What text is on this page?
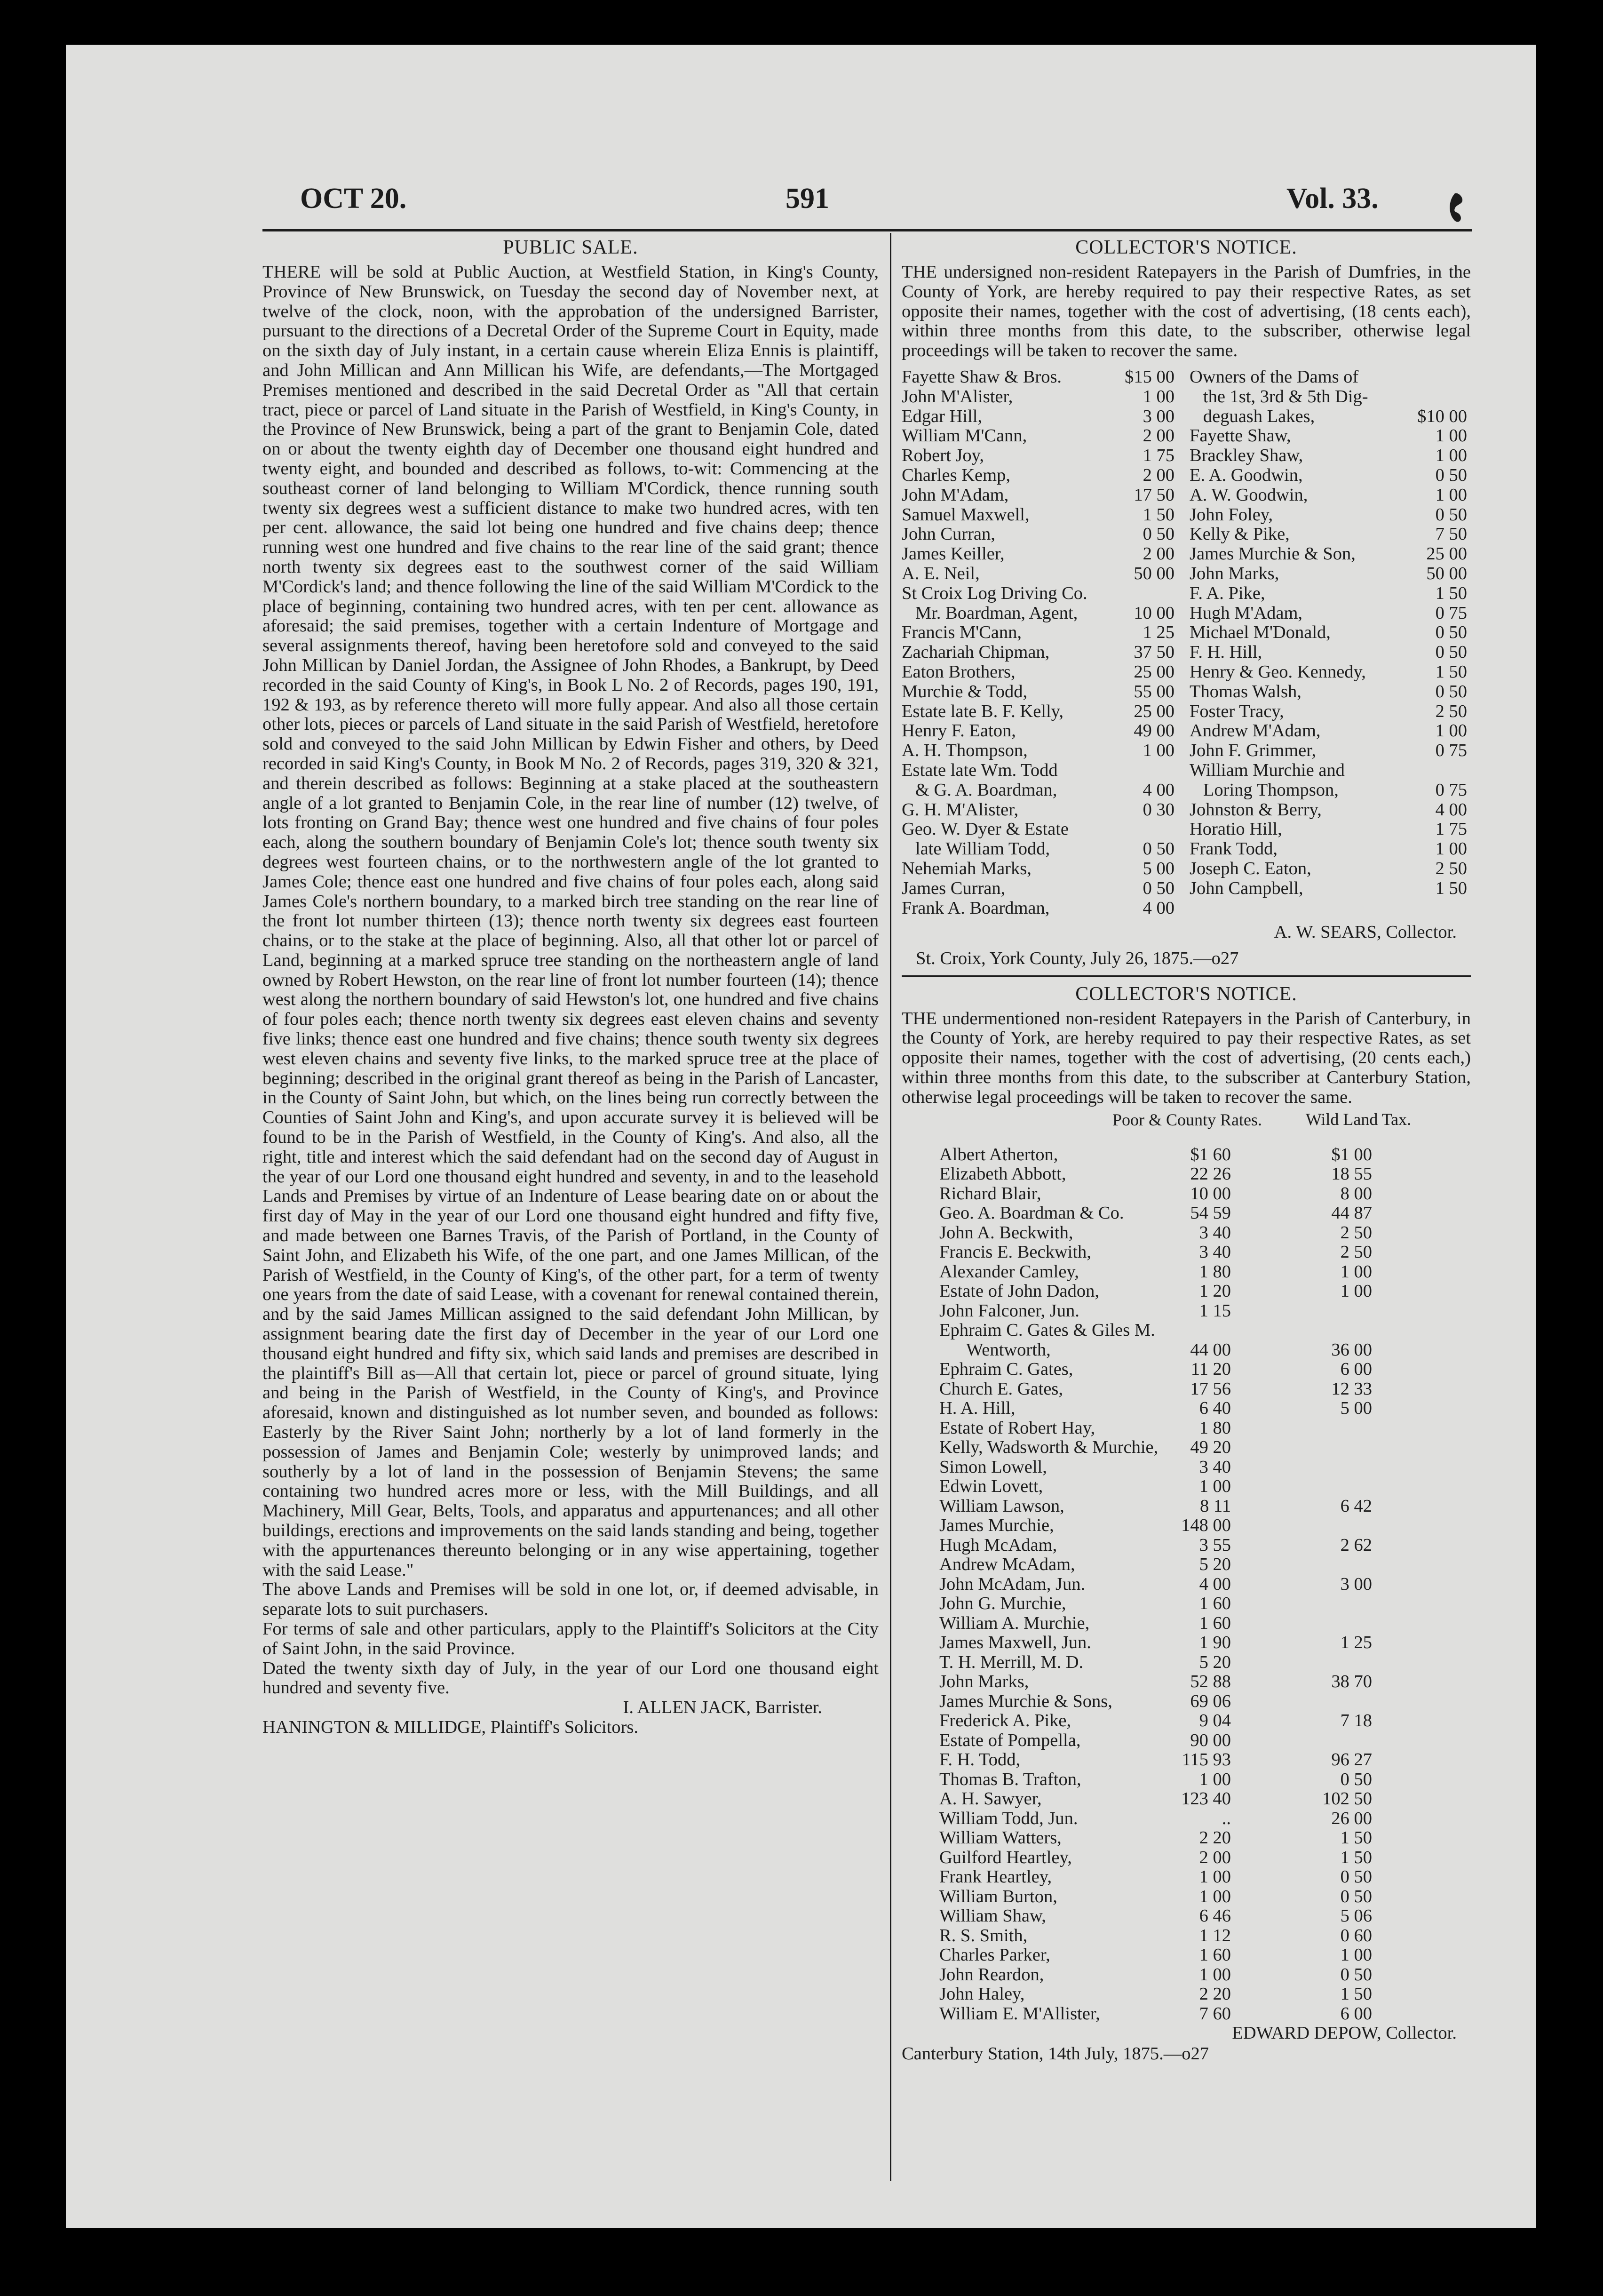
OCT 20.	591	Vol. 33.
PUBLIC SALE.

THERE will be sold at Public Auction, at Westfield Station, in King's County, Province of New Brunswick, on Tuesday the second day of November next, at twelve of the clock, noon, with the approbation of the undersigned Barrister, pursuant to the directions of a Decretal Order of the Supreme Court in Equity, made on the sixth day of July instant, in a certain cause wherein Eliza Ennis is plaintiff, and John Millican and Ann Millican his Wife, are defendants,—The Mortgaged Premises mentioned and described in the said Decretal Order as "All that certain tract, piece or parcel of Land situate in the Parish of Westfield, in King's County, in the Province of New Brunswick, being a part of the grant to Benjamin Cole, dated on or about the twenty eighth day of December one thousand eight hundred and twenty eight, and bounded and described as follows, to-wit: Commencing at the southeast corner of land belonging to William M'Cordick, thence running south twenty six degrees west a sufficient distance to make two hundred acres, with ten per cent. allowance, the said lot being one hundred and five chains deep; thence running west one hundred and five chains to the rear line of the said grant; thence north twenty six degrees east to the southwest corner of the said William M'Cordick's land; and thence following the line of the said William M'Cordick to the place of beginning, containing two hundred acres, with ten per cent. allowance as aforesaid; the said premises, together with a certain Indenture of Mortgage and several assignments thereof, having been heretofore sold and conveyed to the said John Millican by Daniel Jordan, the Assignee of John Rhodes, a Bankrupt, by Deed recorded in the said County of King's, in Book L No. 2 of Records, pages 190, 191, 192 & 193, as by reference thereto will more fully appear. And also all those certain other lots, pieces or parcels of Land situate in the said Parish of Westfield, heretofore sold and conveyed to the said John Millican by Edwin Fisher and others, by Deed recorded in said King's County, in Book M No. 2 of Records, pages 319, 320 & 321, and therein described as follows: Beginning at a stake placed at the southeastern angle of a lot granted to Benjamin Cole, in the rear line of number (12) twelve, of lots fronting on Grand Bay; thence west one hundred and five chains of four poles each, along the southern boundary of Benjamin Cole's lot; thence south twenty six degrees west fourteen chains, or to the northwestern angle of the lot granted to James Cole; thence east one hundred and five chains of four poles each, along said James Cole's northern boundary, to a marked birch tree standing on the rear line of the front lot number thirteen (13); thence north twenty six degrees east fourteen chains, or to the stake at the place of beginning. Also, all that other lot or parcel of Land, beginning at a marked spruce tree standing on the northeastern angle of land owned by Robert Hewston, on the rear line of front lot number fourteen (14); thence west along the northern boundary of said Hewston's lot, one hundred and five chains of four poles each; thence north twenty six degrees east eleven chains and seventy five links; thence east one hundred and five chains; thence south twenty six degrees west eleven chains and seventy five links, to the marked spruce tree at the place of beginning; described in the original grant thereof as being in the Parish of Lancaster, in the County of Saint John, but which, on the lines being run correctly between the Counties of Saint John and King's, and upon accurate survey it is believed will be found to be in the Parish of Westfield, in the County of King's. And also, all the right, title and interest which the said defendant had on the second day of August in the year of our Lord one thousand eight hundred and seventy, in and to the leasehold Lands and Premises by virtue of an Indenture of Lease bearing date on or about the first day of May in the year of our Lord one thousand eight hundred and fifty five, and made between one Barnes Travis, of the Parish of Portland, in the County of Saint John, and Elizabeth his Wife, of the one part, and one James Millican, of the Parish of Westfield, in the County of King's, of the other part, for a term of twenty one years from the date of said Lease, with a covenant for renewal contained therein, and by the said James Millican assigned to the said defendant John Millican, by assignment bearing date the first day of December in the year of our Lord one thousand eight hundred and fifty six, which said lands and premises are described in the plaintiff's Bill as—All that certain lot, piece or parcel of ground situate, lying and being in the Parish of Westfield, in the County of King's, and Province aforesaid, known and distinguished as lot number seven, and bounded as follows: Easterly by the River Saint John; northerly by a lot of land formerly in the possession of James and Benjamin Cole; westerly by unimproved lands; and southerly by a lot of land in the possession of Benjamin Stevens; the same containing two hundred acres more or less, with the Mill Buildings, and all Machinery, Mill Gear, Belts, Tools, and apparatus and appurtenances; and all other buildings, erections and improvements on the said lands standing and being, together with the appurtenances thereunto belonging or in any wise appertaining, together with the said Lease."

The above Lands and Premises will be sold in one lot, or, if deemed advisable, in separate lots to suit purchasers.

For terms of sale and other particulars, apply to the Plaintiff's Solicitors at the City of Saint John, in the said Province.

Dated the twenty sixth day of July, in the year of our Lord one thousand eight hundred and seventy five.

I. ALLEN JACK, Barrister.

HANINGTON & MILLIDGE, Plaintiff's Solicitors.

COLLECTOR'S NOTICE.

THE undersigned non-resident Ratepayers in the Parish of Dumfries, in the County of York, are hereby required to pay their respective Rates, as set opposite their names, together with the cost of advertising, (18 cents each), within three months from this date, to the subscriber, otherwise legal proceedings will be taken to recover the same.

Fayette Shaw & Bros.	$15 00
John M'Alister,	1 00
Edgar Hill,	3 00
William M'Cann,	2 00
Robert Joy,	1 75
Charles Kemp,	2 00
John M'Adam,	17 50
Samuel Maxwell,	1 50
John Curran,	0 50
James Keiller,	2 00
A. E. Neil,	50 00
St Croix Log Driving Co.
Mr. Boardman, Agent,	10 00
Francis M'Cann,	1 25
Zachariah Chipman,	37 50
Eaton Brothers,	25 00
Murchie & Todd,	55 00
Estate late B. F. Kelly,	25 00
Henry F. Eaton,	49 00
A. H. Thompson,	1 00
Estate late Wm. Todd
& G. A. Boardman,	4 00
G. H. M'Alister,	0 30
Geo. W. Dyer & Estate
late William Todd,	0 50
Nehemiah Marks,	5 00
James Curran,	0 50
Frank A. Boardman,	4 00
Owners of the Dams of
the 1st, 3rd & 5th Dig-
deguash Lakes,	$10 00
Fayette Shaw,	1 00
Brackley Shaw,	1 00
E. A. Goodwin,	0 50
A. W. Goodwin,	1 00
John Foley,	0 50
Kelly & Pike,	7 50
James Murchie & Son,	25 00
John Marks,	50 00
F. A. Pike,	1 50
Hugh M'Adam,	0 75
Michael M'Donald,	0 50
F. H. Hill,	0 50
Henry & Geo. Kennedy,	1 50
Thomas Walsh,	0 50
Foster Tracy,	2 50
Andrew M'Adam,	1 00
John F. Grimmer,	0 75
William Murchie and
Loring Thompson,	0 75
Johnston & Berry,	4 00
Horatio Hill,	1 75
Frank Todd,	1 00
Joseph C. Eaton,	2 50
John Campbell,	1 50
A. W. SEARS, Collector.
St. Croix, York County, July 26, 1875.—o27
COLLECTOR'S NOTICE.

THE undermentioned non-resident Ratepayers in the Parish of Canterbury, in the County of York, are hereby required to pay their respective Rates, as set opposite their names, together with the cost of advertising, (20 cents each,) within three months from this date, to the subscriber at Canterbury Station, otherwise legal proceedings will be taken to recover the same.

Poor & County Rates.	Wild Land Tax.
Albert Atherton,	$1 60	$1 00
Elizabeth Abbott,	22 26	18 55
Richard Blair,	10 00	8 00
Geo. A. Boardman & Co.	54 59	44 87
John A. Beckwith,	3 40	2 50
Francis E. Beckwith,	3 40	2 50
Alexander Camley,	1 80	1 00
Estate of John Dadon,	1 20	1 00
John Falconer, Jun.	1 15
Ephraim C. Gates & Giles M.
Wentworth,	44 00	36 00
Ephraim C. Gates,	11 20	6 00
Church E. Gates,	17 56	12 33
H. A. Hill,	6 40	5 00
Estate of Robert Hay,	1 80
Kelly, Wadsworth & Murchie,	49 20
Simon Lowell,	3 40
Edwin Lovett,	1 00
William Lawson,	8 11	6 42
James Murchie,	148 00
Hugh McAdam,	3 55	2 62
Andrew McAdam,	5 20
John McAdam, Jun.	4 00	3 00
John G. Murchie,	1 60
William A. Murchie,	1 60
James Maxwell, Jun.	1 90	1 25
T. H. Merrill, M. D.	5 20
John Marks,	52 88	38 70
James Murchie & Sons,	69 06
Frederick A. Pike,	9 04	7 18
Estate of Pompella,	90 00
F. H. Todd,	115 93	96 27
Thomas B. Trafton,	1 00	0 50
A. H. Sawyer,	123 40	102 50
William Todd, Jun.	..	26 00
William Watters,	2 20	1 50
Guilford Heartley,	2 00	1 50
Frank Heartley,	1 00	0 50
William Burton,	1 00	0 50
William Shaw,	6 46	5 06
R. S. Smith,	1 12	0 60
Charles Parker,	1 60	1 00
John Reardon,	1 00	0 50
John Haley,	2 20	1 50
William E. M'Allister,	7 60	6 00
EDWARD DEPOW, Collector.
Canterbury Station, 14th July, 1875.—o27
